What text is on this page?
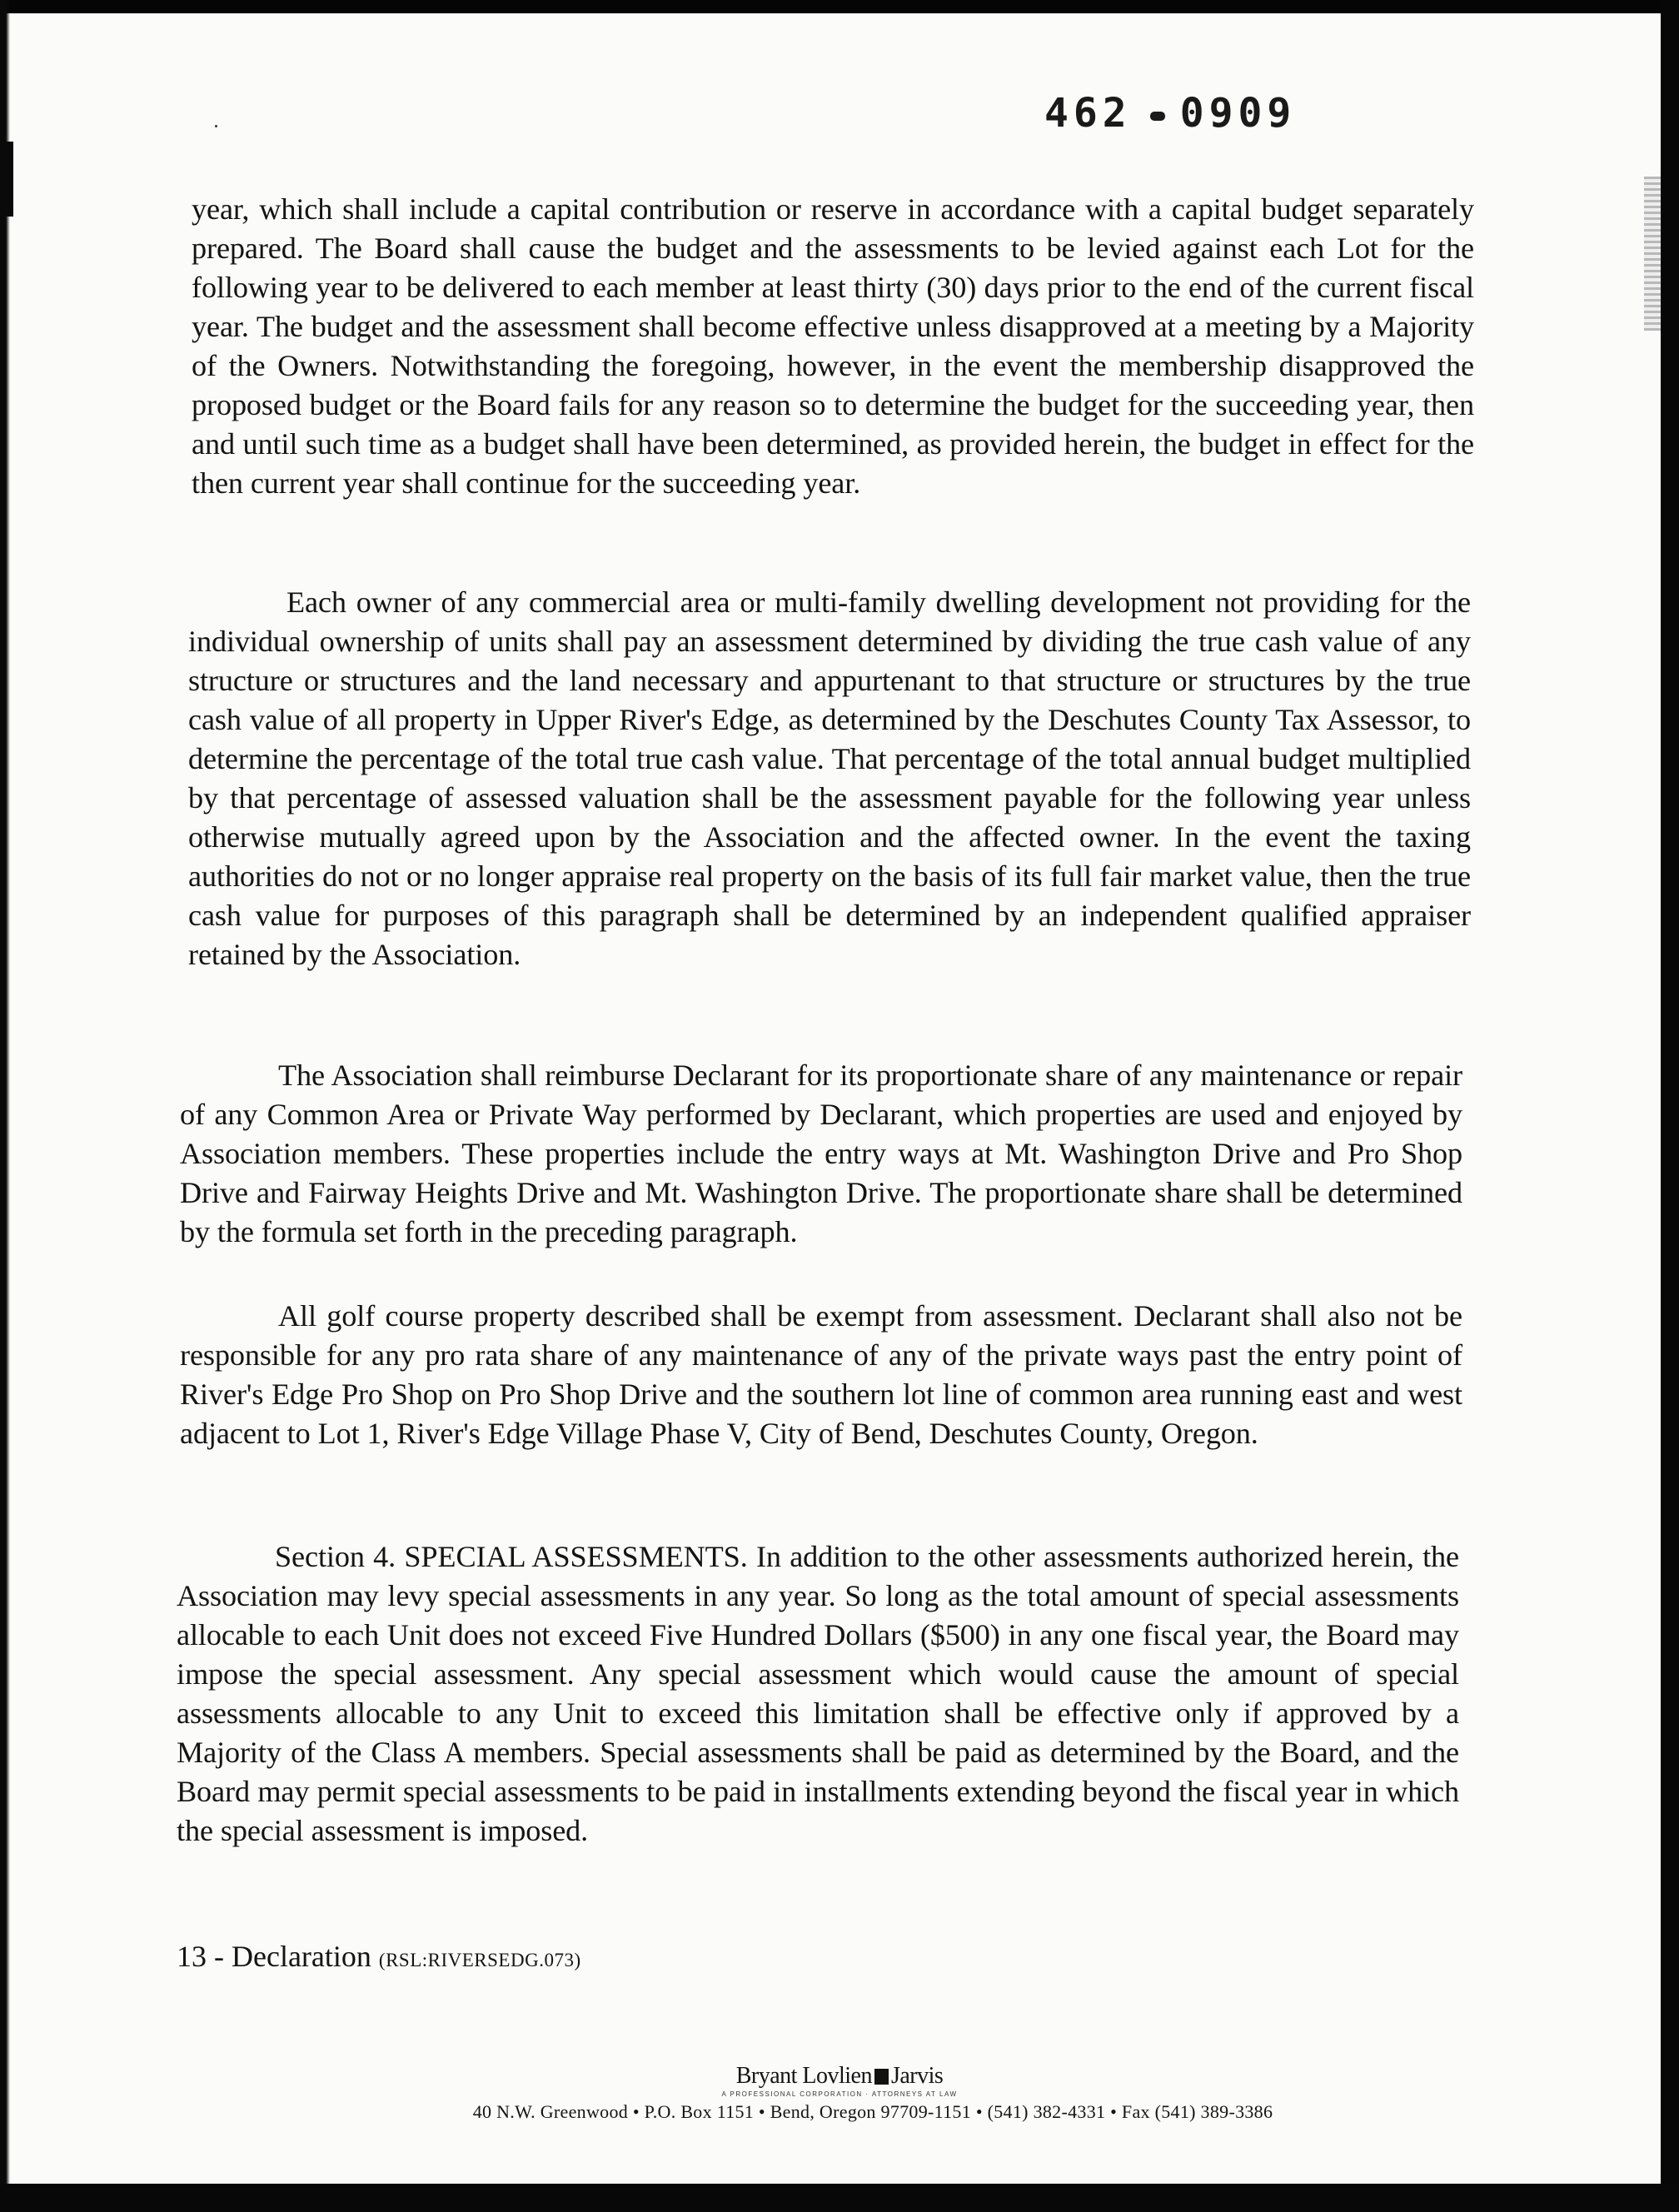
462 0909

year, which shall include a capital contribution or reserve in accordance with a capital budget separately prepared. The Board shall cause the budget and the assessments to be levied against each Lot for the following year to be delivered to each member at least thirty (30) days prior to the end of the current fiscal year. The budget and the assessment shall become effective unless disapproved at a meeting by a Majority of the Owners. Notwithstanding the foregoing, however, in the event the membership disapproved the proposed budget or the Board fails for any reason so to determine the budget for the succeeding year, then and until such time as a budget shall have been determined, as provided herein, the budget in effect for the then current year shall continue for the succeeding year.

Each owner of any commercial area or multi-family dwelling development not providing for the individual ownership of units shall pay an assessment determined by dividing the true cash value of any structure or structures and the land necessary and appurtenant to that structure or structures by the true cash value of all property in Upper River's Edge, as determined by the Deschutes County Tax Assessor, to determine the percentage of the total true cash value. That percentage of the total annual budget multiplied by that percentage of assessed valuation shall be the assessment payable for the following year unless otherwise mutually agreed upon by the Association and the affected owner. In the event the taxing authorities do not or no longer appraise real property on the basis of its full fair market value, then the true cash value for purposes of this paragraph shall be determined by an independent qualified appraiser retained by the Association.

The Association shall reimburse Declarant for its proportionate share of any maintenance or repair of any Common Area or Private Way performed by Declarant, which properties are used and enjoyed by Association members. These properties include the entry ways at Mt. Washington Drive and Pro Shop Drive and Fairway Heights Drive and Mt. Washington Drive. The proportionate share shall be determined by the formula set forth in the preceding paragraph.

All golf course property described shall be exempt from assessment. Declarant shall also not be responsible for any pro rata share of any maintenance of any of the private ways past the entry point of River's Edge Pro Shop on Pro Shop Drive and the southern lot line of common area running east and west adjacent to Lot 1, River's Edge Village Phase V, City of Bend, Deschutes County, Oregon.

Section 4. SPECIAL ASSESSMENTS. In addition to the other assessments authorized herein, the Association may levy special assessments in any year. So long as the total amount of special assessments allocable to each Unit does not exceed Five Hundred Dollars ($500) in any one fiscal year, the Board may impose the special assessment. Any special assessment which would cause the amount of special assessments allocable to any Unit to exceed this limitation shall be effective only if approved by a Majority of the Class A members. Special assessments shall be paid as determined by the Board, and the Board may permit special assessments to be paid in installments extending beyond the fiscal year in which the special assessment is imposed.

13 - Declaration (RSL:RIVERSEDG.073)
Bryant Lovlien Jarvis
A PROFESSIONAL CORPORATION · ATTORNEYS AT LAW
40 N.W. Greenwood • P.O. Box 1151 • Bend, Oregon 97709-1151 • (541) 382-4331 • Fax (541) 389-3386
